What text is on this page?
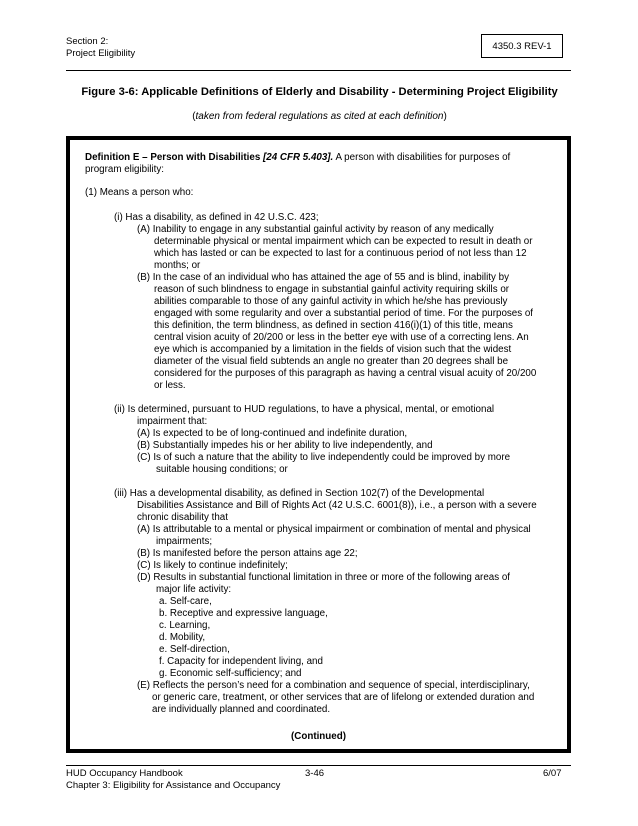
Section 2:
Project Eligibility
4350.3 REV-1
Figure 3-6: Applicable Definitions of Elderly and Disability - Determining Project Eligibility
(taken from federal regulations as cited at each definition)

Definition E – Person with Disabilities [24 CFR 5.403]. A person with disabilities for purposes of

program eligibility:

(1) Means a person who:

(i) Has a disability, as defined in 42 U.S.C. 423;

(A) Inability to engage in any substantial gainful activity by reason of any medically

determinable physical or mental impairment which can be expected to result in death or

which has lasted or can be expected to last for a continuous period of not less than 12

months; or

(B) In the case of an individual who has attained the age of 55 and is blind, inability by

reason of such blindness to engage in substantial gainful activity requiring skills or

abilities comparable to those of any gainful activity in which he/she has previously

engaged with some regularity and over a substantial period of time. For the purposes of

this definition, the term blindness, as defined in section 416(i)(1) of this title, means

central vision acuity of 20/200 or less in the better eye with use of a correcting lens. An

eye which is accompanied by a limitation in the fields of vision such that the widest

diameter of the visual field subtends an angle no greater than 20 degrees shall be

considered for the purposes of this paragraph as having a central visual acuity of 20/200

or less.

(ii) Is determined, pursuant to HUD regulations, to have a physical, mental, or emotional

impairment that:

(A) Is expected to be of long-continued and indefinite duration,

(B) Substantially impedes his or her ability to live independently, and

(C) Is of such a nature that the ability to live independently could be improved by more

suitable housing conditions; or

(iii) Has a developmental disability, as defined in Section 102(7) of the Developmental

Disabilities Assistance and Bill of Rights Act (42 U.S.C. 6001(8)), i.e., a person with a severe

chronic disability that

(A) Is attributable to a mental or physical impairment or combination of mental and physical

impairments;

(B) Is manifested before the person attains age 22;

(C) Is likely to continue indefinitely;

(D) Results in substantial functional limitation in three or more of the following areas of

major life activity:

a. Self-care,

b. Receptive and expressive language,

c. Learning,

d. Mobility,

e. Self-direction,

f. Capacity for independent living, and

g. Economic self-sufficiency; and

(E) Reflects the person’s need for a combination and sequence of special, interdisciplinary,

or generic care, treatment, or other services that are of lifelong or extended duration and

are individually planned and coordinated.

(Continued)

HUD Occupancy Handbook	3-46	6/07
Chapter 3: Eligibility for Assistance and Occupancy
